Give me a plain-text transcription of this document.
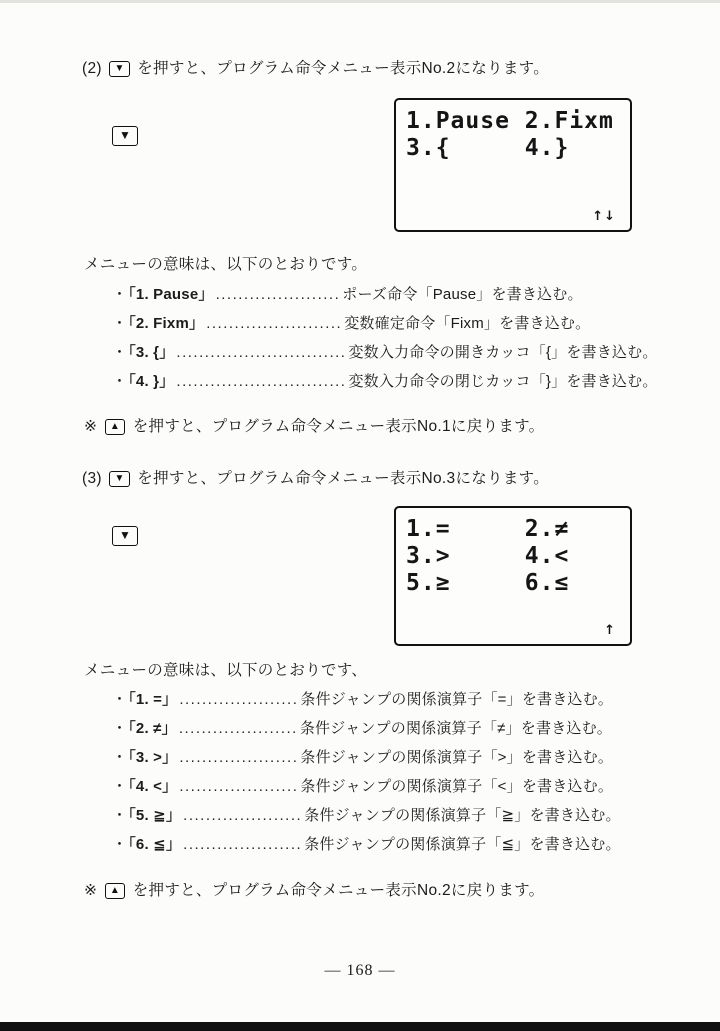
(2) ▼ を押すと、プログラム命令メニュー表示No.2になります。
▼
1.Pause 2.Fixm
3.{     4.}
↑↓
メニューの意味は、以下のとおりです。
・「1. Pause」 ...................... ポーズ命令「Pause」を書き込む。
・「2. Fixm」 ........................ 変数確定命令「Fixm」を書き込む。
・「3. {」 .............................. 変数入力命令の開きカッコ「{」を書き込む。
・「4. }」 .............................. 変数入力命令の閉じカッコ「}」を書き込む。
※ ▲ を押すと、プログラム命令メニュー表示No.1に戻ります。
(3) ▼ を押すと、プログラム命令メニュー表示No.3になります。
▼	1.=     2.≠
3.>     4.<
5.≥     6.≤
↑
メニューの意味は、以下のとおりです、
・「1. =」 ..................... 条件ジャンプの関係演算子「=」を書き込む。
・「2. ≠」 ..................... 条件ジャンプの関係演算子「≠」を書き込む。
・「3. >」 ..................... 条件ジャンプの関係演算子「>」を書き込む。
・「4. <」 ..................... 条件ジャンプの関係演算子「<」を書き込む。
・「5. ≧」 ..................... 条件ジャンプの関係演算子「≧」を書き込む。
・「6. ≦」 ..................... 条件ジャンプの関係演算子「≦」を書き込む。
※ ▲ を押すと、プログラム命令メニュー表示No.2に戻ります。
— 168 —
